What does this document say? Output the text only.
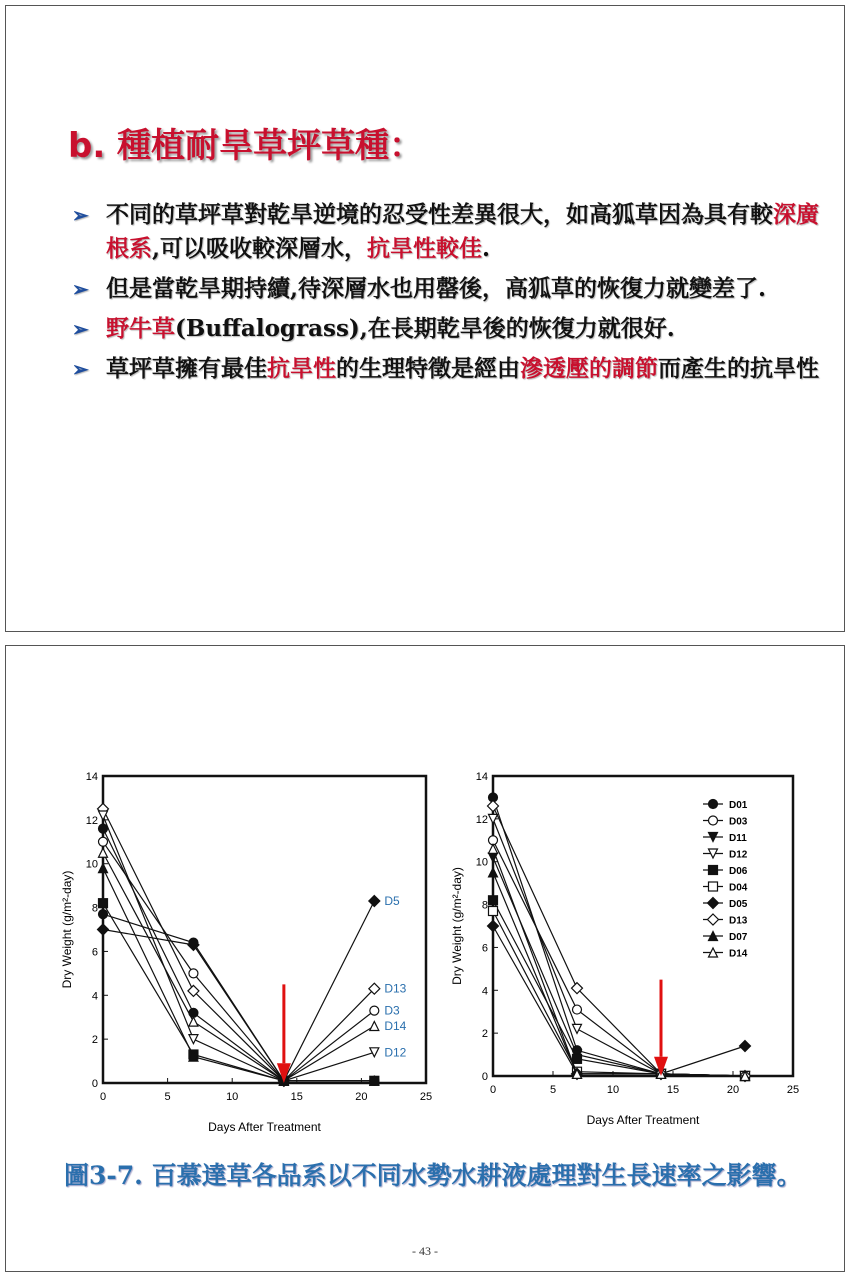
b. 種植耐旱草坪草種：
➢ 不同的草坪草對乾旱逆境的忍受性差異很大，如高狐草因為具有較深廣根系,可以吸收較深層水，抗旱性較佳.
➢ 但是當乾旱期持續,待深層水也用罄後，高狐草的恢復力就變差了.
➢ 野牛草(Buffalograss),在長期乾旱後的恢復力就很好.
➢ 草坪草擁有最佳抗旱性的生理特徵是經由滲透壓的調節而產生的抗旱性
0	5	10	15	20	25
0
2
4
6
8
10
12
14
Days After Treatment
Dry Weight (g/m²-day)	D5
D13
D3
D14
D12
0	5	10	15	20	25
0
2
4
6
8
10
12
14
Days After Treatment
Dry Weight (g/m²-day)
D01
D03
D11
D12
D06
D04
D05
D13
D07
D14
圖3-7. 百慕達草各品系以不同水勢水耕液處理對生長速率之影響。
- 43 -
